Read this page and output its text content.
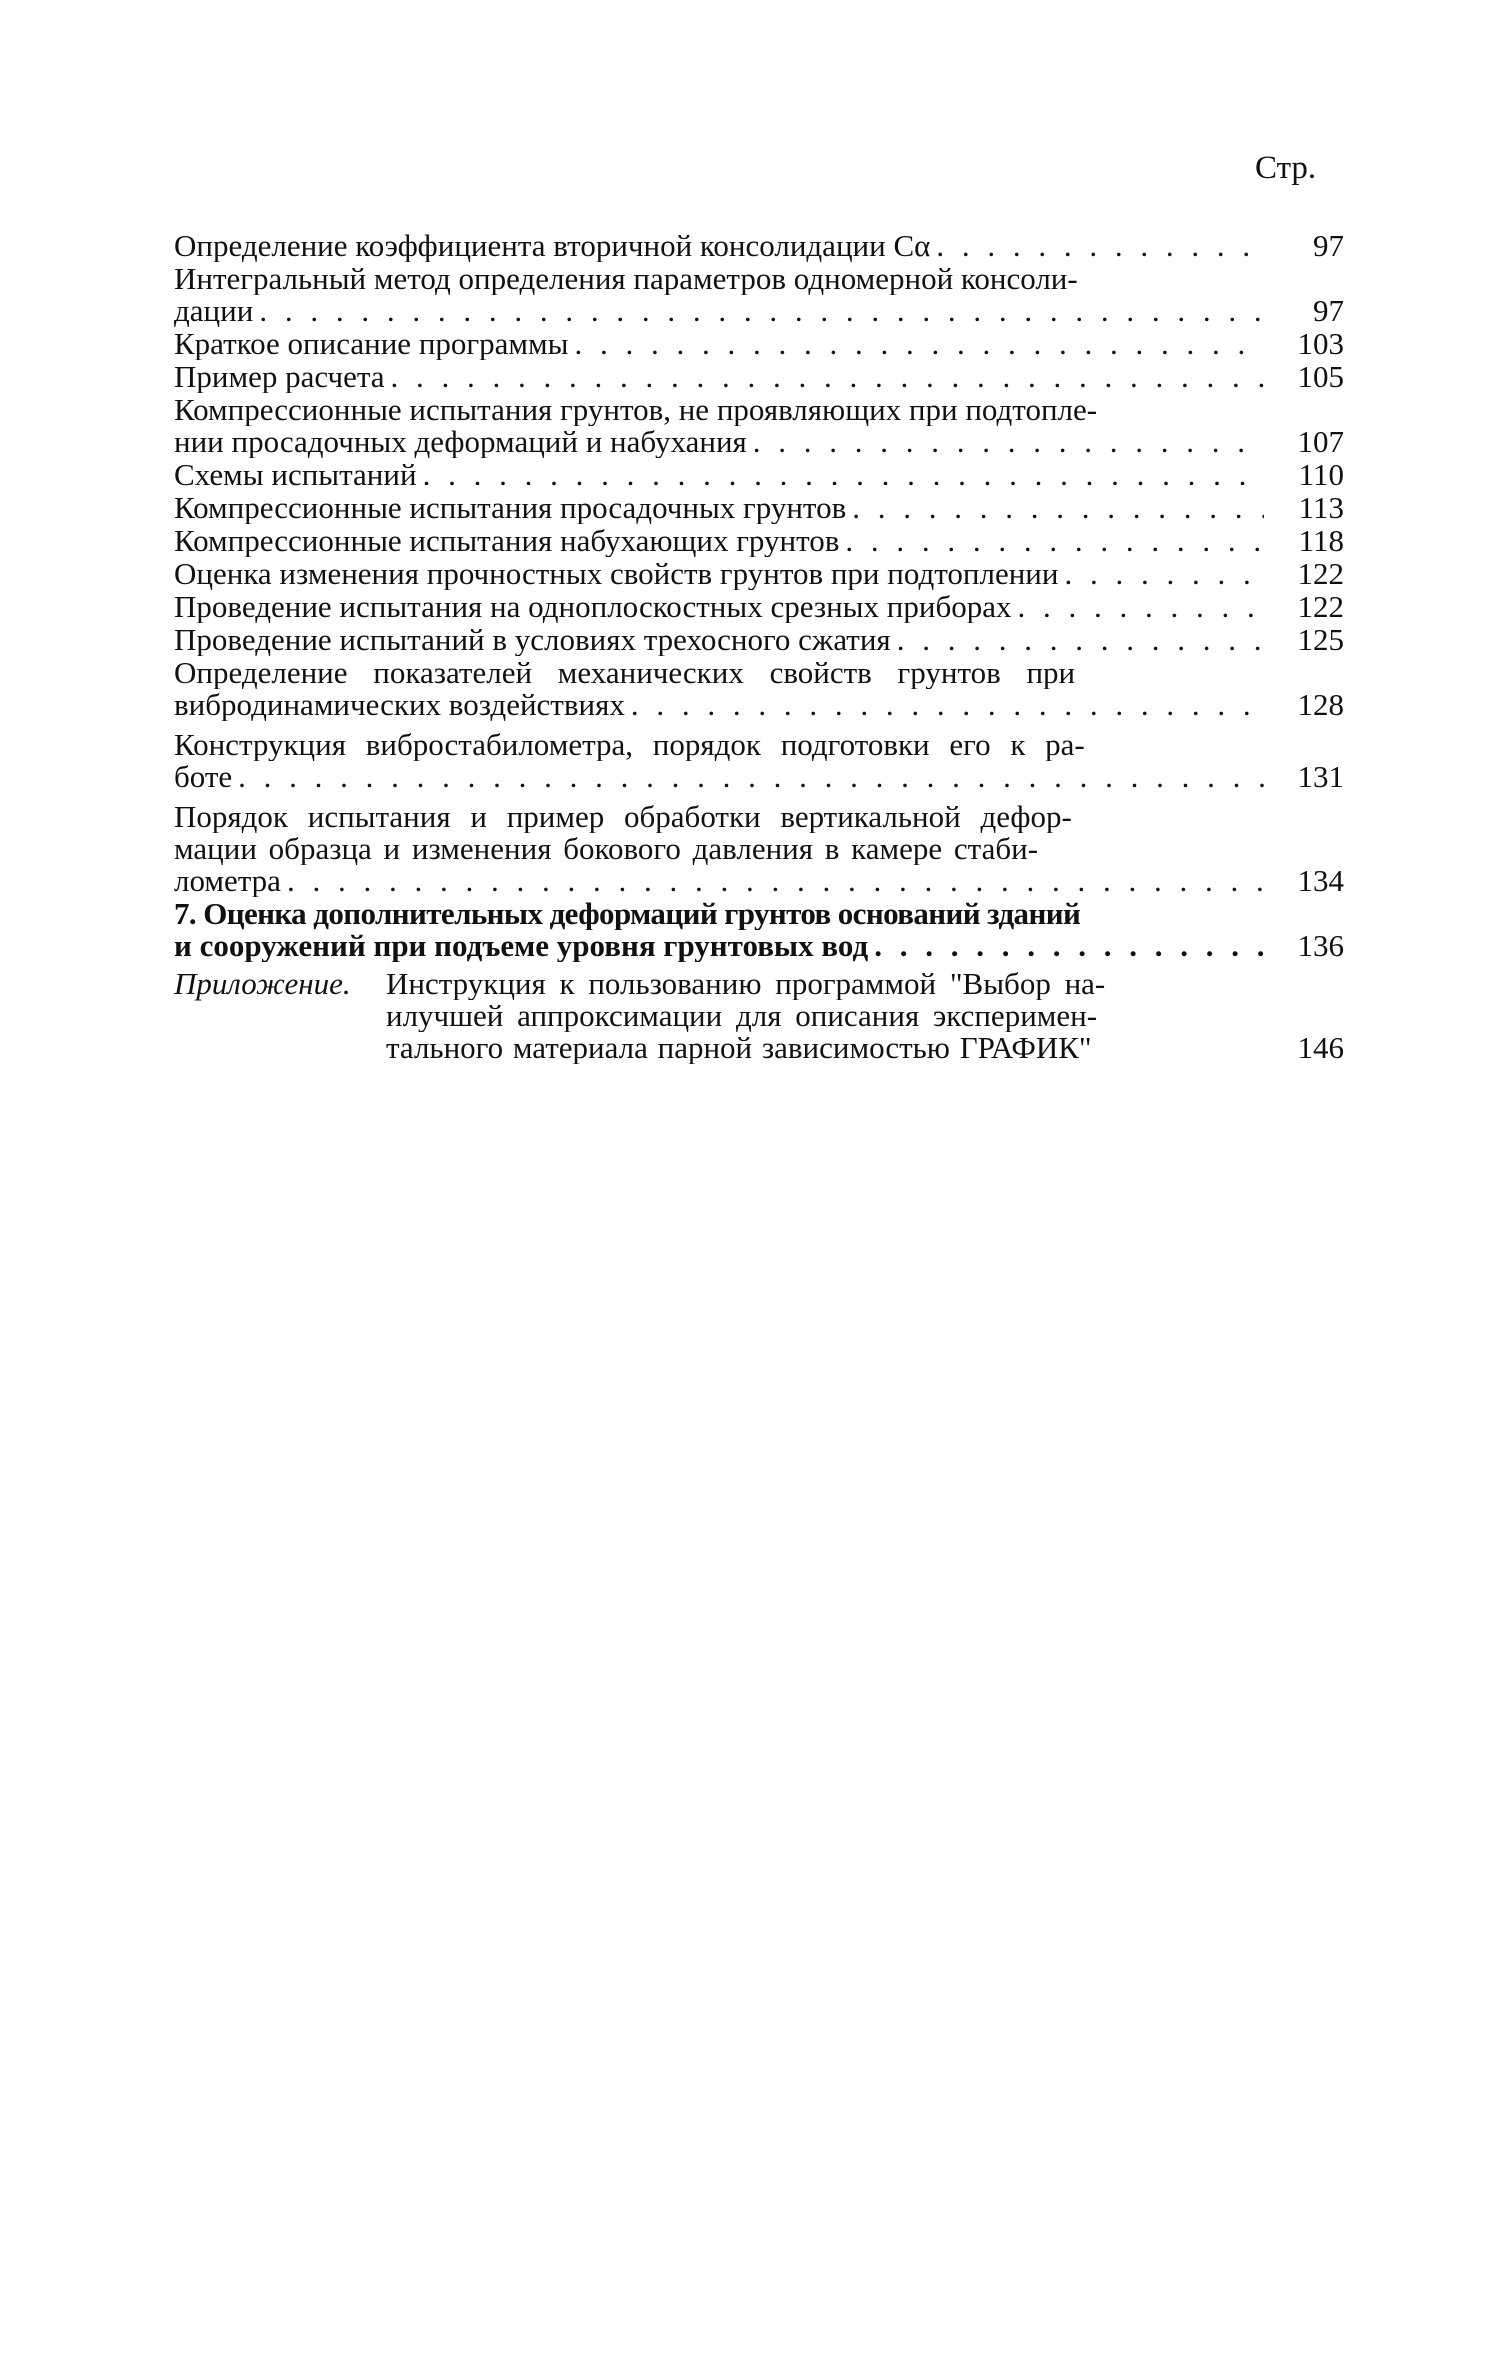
Стр.
Определение коэффициента вторичной консолидации Cα . . .	97
Интегральный метод определения параметров одномерной консоли-
дации . . .	97
Краткое описание программы . . .	103
Пример расчета . . .	105
Компрессионные испытания грунтов, не проявляющих при подтопле-
нии просадочных деформаций и набухания . . .	107
Схемы испытаний . . .	110
Компрессионные испытания просадочных грунтов . . .	113
Компрессионные испытания набухающих грунтов . . .	118
Оценка изменения прочностных свойств грунтов при подтоплении . . .	122
Проведение испытания на одноплоскостных срезных приборах . . .	122
Проведение испытаний в условиях трехосного сжатия . . .	125
Определение показателей механических свойств грунтов при
вибродинамических воздействиях . . .	128
Конструкция вибростабилометра, порядок подготовки его к ра-
боте . . .	131
Порядок испытания и пример обработки вертикальной дефор-
мации образца и изменения бокового давления в камере стаби-
лометра . . .	134
7. Оценка дополнительных деформаций грунтов оснований зданий
и сооружений при подъеме уровня грунтовых вод . . .	136
Приложение.	Инструкция к пользованию программой "Выбор на-
илучшей аппроксимации для описания эксперимен-
тального материала парной зависимостью ГРАФИК"	146
